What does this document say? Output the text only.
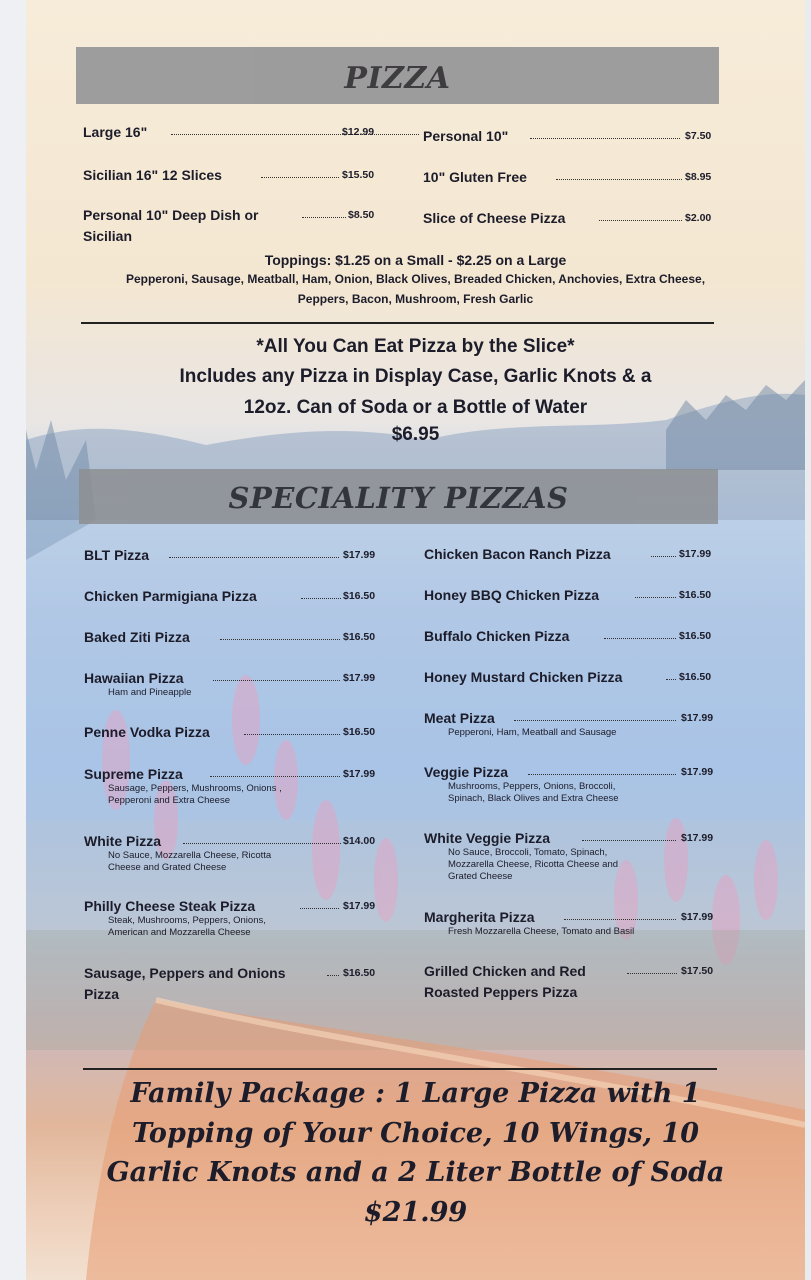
PIZZA
Large 16"	$12.99
Sicilian 16" 12 Slices	$15.50
Personal 10" Deep Dish or
Sicilian
$8.50
Personal 10"	$7.50
10" Gluten Free	$8.95
Slice of Cheese Pizza	$2.00
Toppings: $1.25 on a Small - $2.25 on a Large
Pepperoni, Sausage, Meatball, Ham, Onion, Black Olives, Breaded Chicken, Anchovies, Extra Cheese,
Peppers, Bacon, Mushroom, Fresh Garlic
*All You Can Eat Pizza by the Slice*
Includes any Pizza in Display Case, Garlic Knots & a
12oz. Can of Soda or a Bottle of Water
$6.95
SPECIALITY PIZZAS
BLT Pizza	$17.99
Chicken Parmigiana Pizza	$16.50
Baked Ziti Pizza	$16.50
Hawaiian Pizza	$17.99
Ham and Pineapple
Penne Vodka Pizza	$16.50
Supreme Pizza	$17.99
Sausage, Peppers, Mushrooms, Onions ,
Pepperoni and Extra Cheese
White Pizza	$14.00
No Sauce, Mozzarella Cheese, Ricotta
Cheese and Grated Cheese
Philly Cheese Steak Pizza	$17.99
Steak, Mushrooms, Peppers, Onions,
American and Mozzarella Cheese
Sausage, Peppers and Onions
Pizza
$16.50
Chicken Bacon Ranch Pizza	$17.99
Honey BBQ Chicken Pizza	$16.50
Buffalo Chicken Pizza	$16.50
Honey Mustard Chicken Pizza	$16.50
Meat Pizza	$17.99
Pepperoni, Ham, Meatball and Sausage
Veggie Pizza	$17.99
Mushrooms, Peppers, Onions, Broccoli,
Spinach, Black Olives and Extra Cheese
White Veggie Pizza	$17.99
No Sauce, Broccoli, Tomato, Spinach,
Mozzarella Cheese, Ricotta Cheese and
Grated Cheese
Margherita Pizza	$17.99
Fresh Mozzarella Cheese, Tomato and Basil
Grilled Chicken and Red
Roasted Peppers Pizza
$17.50
Family Package : 1 Large Pizza with 1
Topping of Your Choice, 10 Wings, 10
Garlic Knots and a 2 Liter Bottle of Soda
$21.99
